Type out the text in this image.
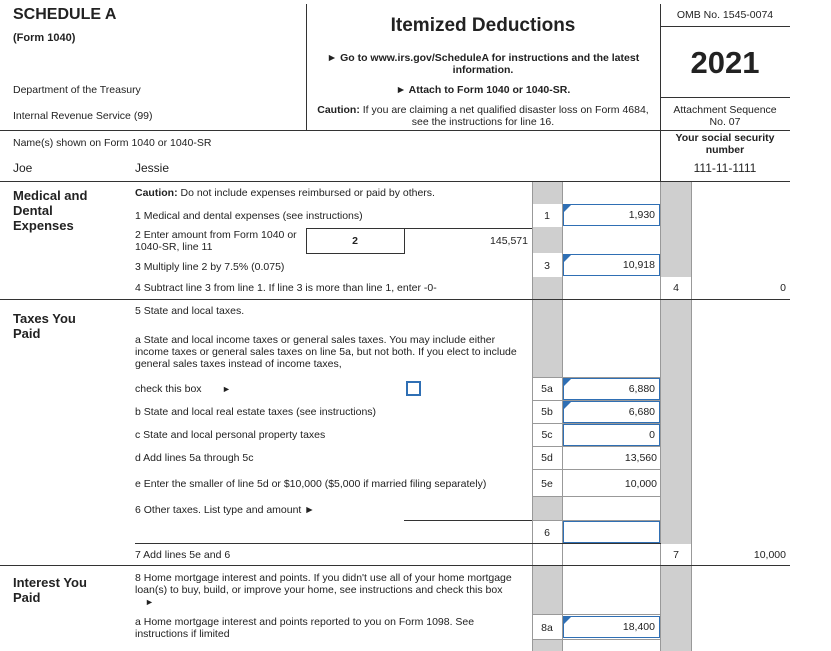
SCHEDULE A
(Form 1040)
Department of the Treasury
Internal Revenue Service (99)
Itemized Deductions
► Go to www.irs.gov/ScheduleA for instructions and the latest information.
► Attach to Form 1040 or 1040-SR.
Caution: If you are claiming a net qualified disaster loss on Form 4684, see the instructions for line 16.
OMB No. 1545-0074
2021
Attachment Sequence
No. 07
Name(s) shown on Form 1040 or 1040-SR	Your social security number
Joe	Jessie	111-11-1111
Medical and Dental Expenses
Caution: Do not include expenses reimbursed or paid by others.
1 Medical and dental expenses (see instructions)	1	1,930
2 Enter amount from Form 1040 or 1040-SR, line 11	2	145,571
3 Multiply line 2 by 7.5% (0.075)	3	10,918
4 Subtract line 3 from line 1. If line 3 is more than line 1, enter -0-	4	0
Taxes You Paid
5 State and local taxes.
a State and local income taxes or general sales taxes. You may include either income taxes or general sales taxes on line 5a, but not both. If you elect to include general sales taxes instead of income taxes,
check this box ►	5a	6,880
b State and local real estate taxes (see instructions)	5b	6,680
c State and local personal property taxes	5c	0
d Add lines 5a through 5c	5d	13,560
e Enter the smaller of line 5d or $10,000 ($5,000 if married filing separately)	5e	10,000
6 Other taxes. List type and amount ►
6
7 Add lines 5e and 6	7	10,000
Interest You Paid
8 Home mortgage interest and points. If you didn't use all of your home mortgage loan(s) to buy, build, or improve your home, see instructions and check this box ►
a Home mortgage interest and points reported to you on Form 1098. See instructions if limited	8a	18,400
